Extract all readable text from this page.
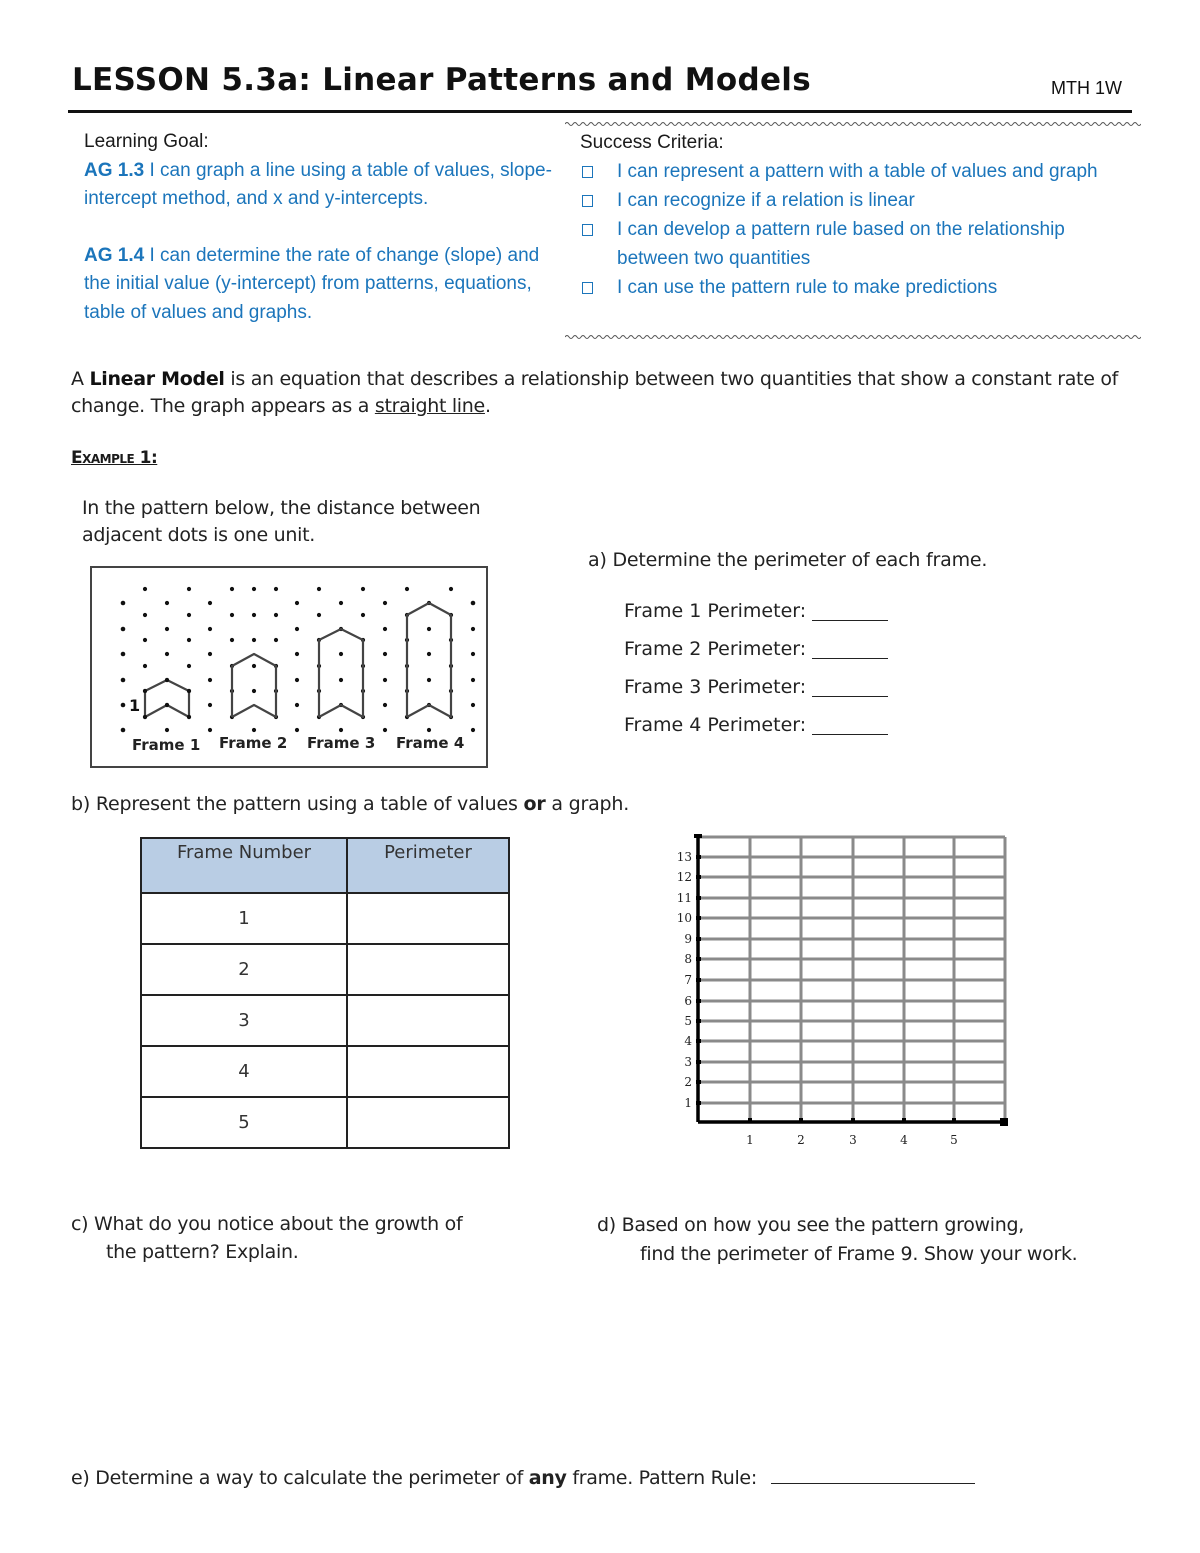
LESSON 5.3a: Linear Patterns and Models	MTH 1W
Learning Goal:

AG 1.3 I can graph a line using a table of values, slope-intercept method, and x and y-intercepts.

AG 1.4 I can determine the rate of change (slope) and the initial value (y-intercept) from patterns, equations, table of values and graphs.

Success Criteria:
I can represent a pattern with a table of values and graph
I can recognize if a relation is linear
I can develop a pattern rule based on the relationship between two quantities
I can use the pattern rule to make predictions
A Linear Model is an equation that describes a relationship between two quantities that show a constant rate of change. The graph appears as a straight line.
Example 1:
In the pattern below, the distance between adjacent dots is one unit.
1
Frame 1 Frame 2 Frame 3 Frame 4
a) Determine the perimeter of each frame.
Frame 1 Perimeter:
Frame 2 Perimeter:
Frame 3 Perimeter:
Frame 4 Perimeter:
b) Represent the pattern using a table of values or a graph.
Frame Number	Perimeter
1	
2	
3	
4	
5	
13
12
11
10
9
8
7
6
5
4
3
2
1
1	2	3	4	5
c) What do you notice about the growth of
the pattern? Explain.
d) Based on how you see the pattern growing,
find the perimeter of Frame 9. Show your work.
e) Determine a way to calculate the perimeter of any frame. Pattern Rule:
